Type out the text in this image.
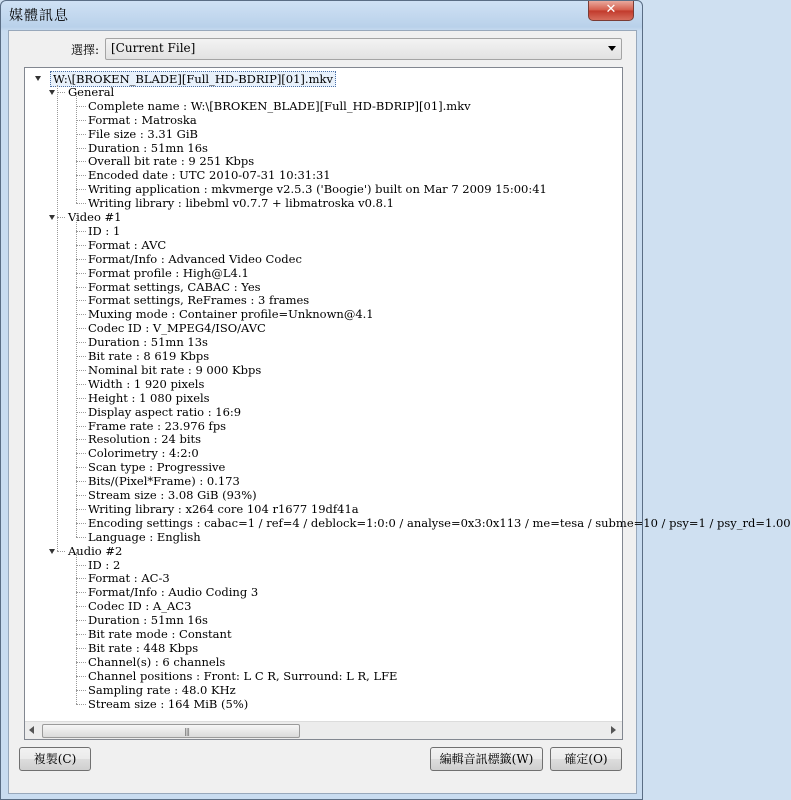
媒體訊息	✕
選擇: [Current File]
|||
W:\[BROKEN_BLADE][Full_HD-BDRIP][01].mkv
General
Complete name : W:\[BROKEN_BLADE][Full_HD-BDRIP][01].mkv
Format : Matroska
File size : 3.31 GiB
Duration : 51mn 16s
Overall bit rate : 9 251 Kbps
Encoded date : UTC 2010-07-31 10:31:31
Writing application : mkvmerge v2.5.3 ('Boogie') built on Mar 7 2009 15:00:41
Writing library : libebml v0.7.7 + libmatroska v0.8.1
Video #1
ID : 1
Format : AVC
Format/Info : Advanced Video Codec
Format profile : High@L4.1
Format settings, CABAC : Yes
Format settings, ReFrames : 3 frames
Muxing mode : Container profile=Unknown@4.1
Codec ID : V_MPEG4/ISO/AVC
Duration : 51mn 13s
Bit rate : 8 619 Kbps
Nominal bit rate : 9 000 Kbps
Width : 1 920 pixels
Height : 1 080 pixels
Display aspect ratio : 16:9
Frame rate : 23.976 fps
Resolution : 24 bits
Colorimetry : 4:2:0
Scan type : Progressive
Bits/(Pixel*Frame) : 0.173
Stream size : 3.08 GiB (93%)
Writing library : x264 core 104 r1677 19df41a
Encoding settings : cabac=1 / ref=4 / deblock=1:0:0 / analyse=0x3:0x113 / me=tesa / subme=10 / psy=1 / psy_rd=1.00
Language : English
Audio #2
ID : 2
Format : AC-3
Format/Info : Audio Coding 3
Codec ID : A_AC3
Duration : 51mn 16s
Bit rate mode : Constant
Bit rate : 448 Kbps
Channel(s) : 6 channels
Channel positions : Front: L C R, Surround: L R, LFE
Sampling rate : 48.0 KHz
Stream size : 164 MiB (5%)
複製(C)	編輯音訊標籤(W)	確定(O)
